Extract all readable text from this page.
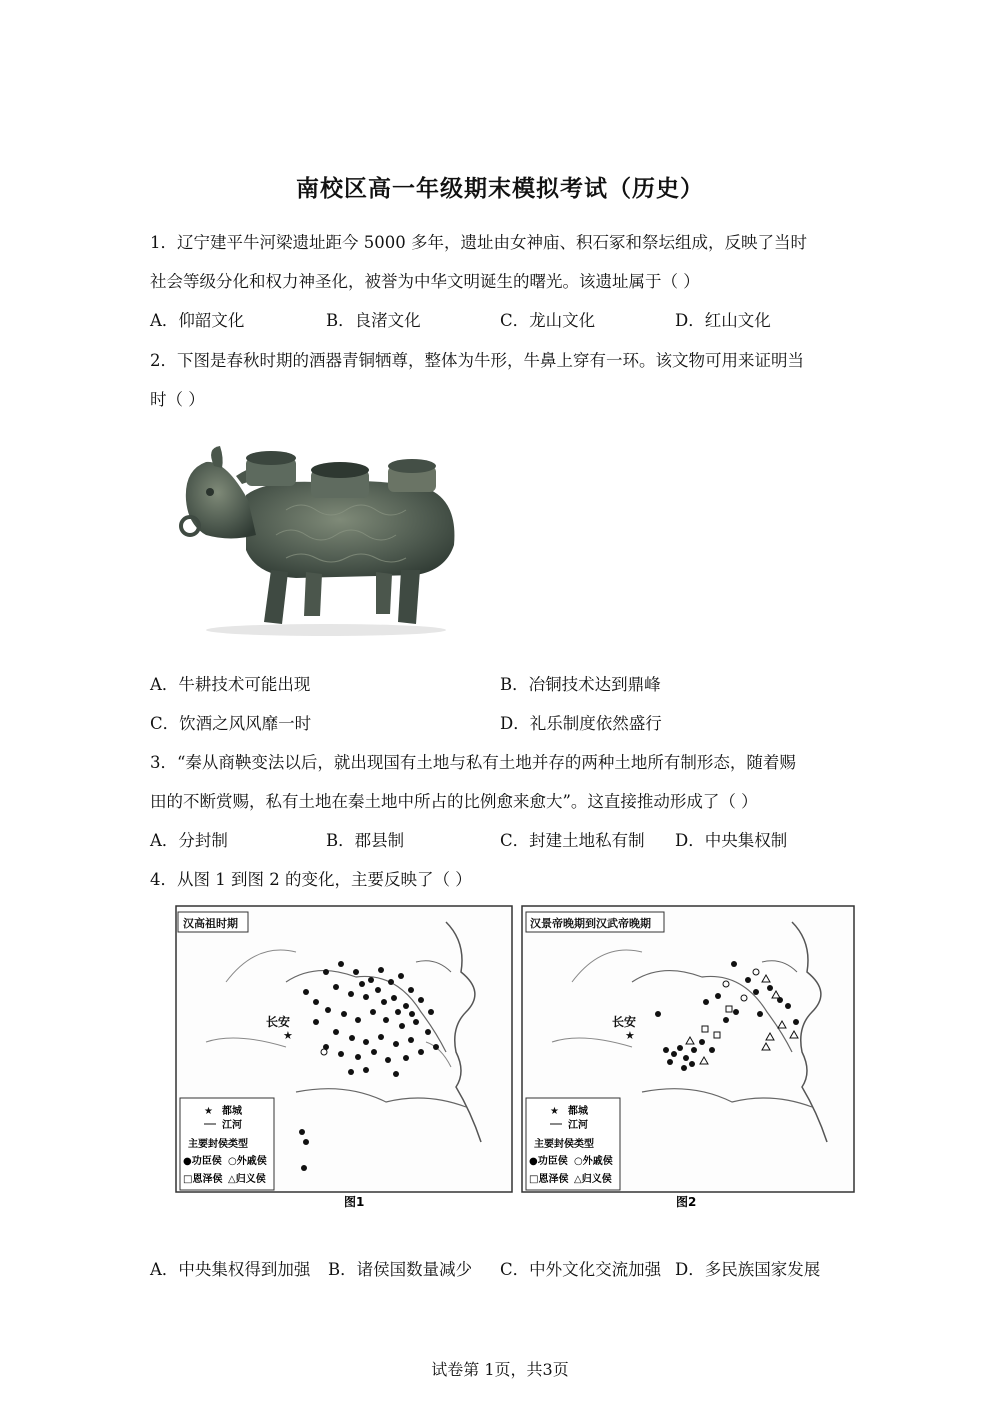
南校区高一年级期末模拟考试（历史）
1．辽宁建平牛河梁遗址距今 5000 多年，遗址由女神庙、积石冢和祭坛组成，反映了当时
社会等级分化和权力神圣化，被誉为中华文明诞生的曙光。该遗址属于（ ）
A．仰韶文化	B．良渚文化	C．龙山文化	D．红山文化
2．下图是春秋时期的酒器青铜牺尊，整体为牛形，牛鼻上穿有一环。该文物可用来证明当
时（ ）
A．牛耕技术可能出现	B．冶铜技术达到鼎峰
C．饮酒之风风靡一时	D．礼乐制度依然盛行
3．“秦从商鞅变法以后，就出现国有土地与私有土地并存的两种土地所有制形态，随着赐
田的不断赏赐，私有土地在秦土地中所占的比例愈来愈大”。这直接推动形成了（ ）
A．分封制	B．郡县制	C．封建土地私有制 D．中央集权制
4．从图 1 到图 2 的变化，主要反映了（ ）
汉高祖时期
★
长安
★ 都城
江河
主要封侯类型
●功臣侯 ○外戚侯
□恩泽侯 △归义侯
图1
汉景帝晚期到汉武帝晚期
★
长安
★ 都城
江河
主要封侯类型
●功臣侯 ○外戚侯
□恩泽侯 △归义侯
图2
A．中央集权得到加强 B．诸侯国数量减少 C．中外文化交流加强 D．多民族国家发展
试卷第 1页，共3页
